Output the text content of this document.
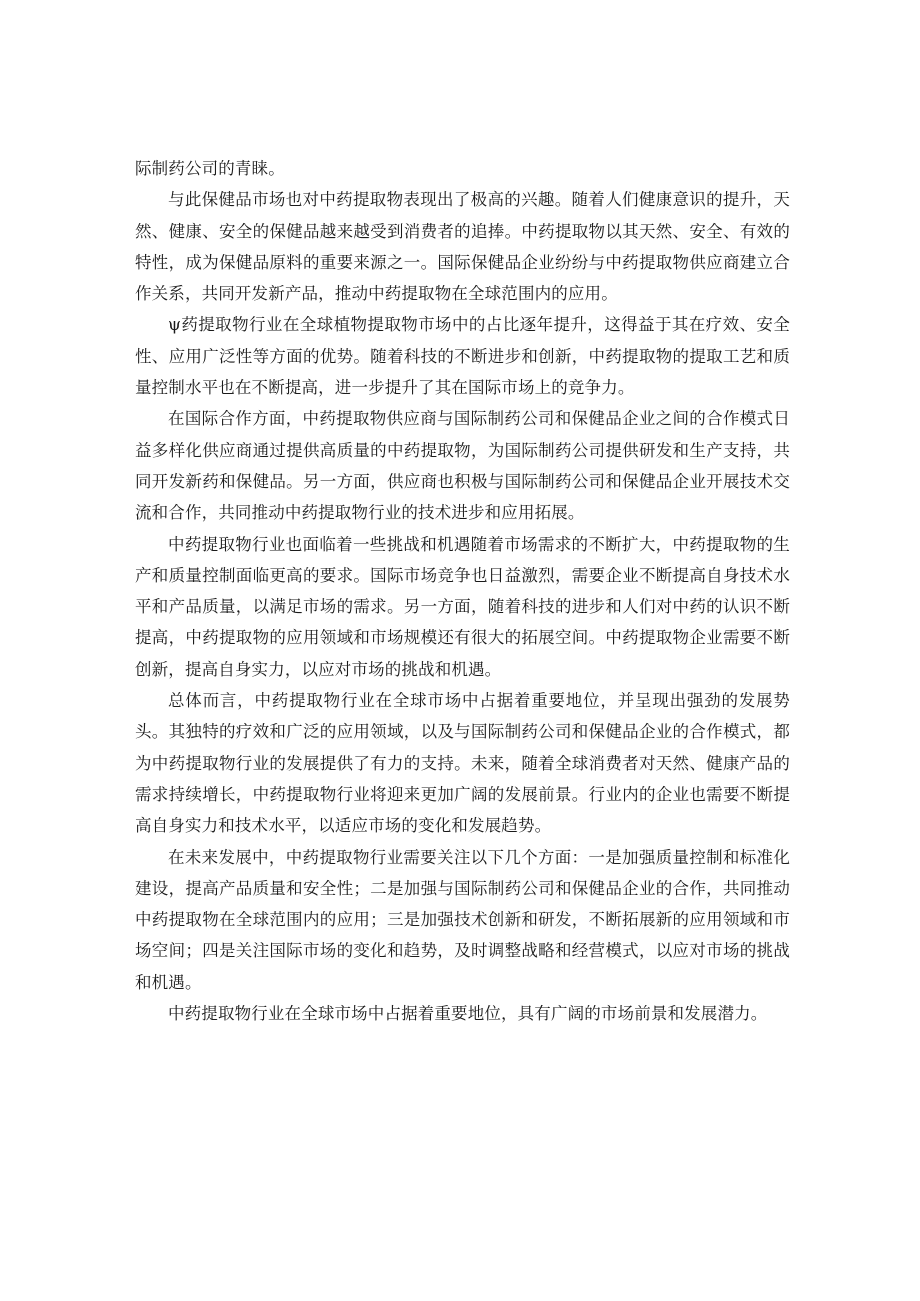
际制药公司的青睐。

与此保健品市场也对中药提取物表现出了极高的兴趣。随着人们健康意识的提升，天然、健康、安全的保健品越来越受到消费者的追捧。中药提取物以其天然、安全、有效的特性，成为保健品原料的重要来源之一。国际保健品企业纷纷与中药提取物供应商建立合作关系，共同开发新产品，推动中药提取物在全球范围内的应用。

ψ药提取物行业在全球植物提取物市场中的占比逐年提升，这得益于其在疗效、安全性、应用广泛性等方面的优势。随着科技的不断进步和创新，中药提取物的提取工艺和质量控制水平也在不断提高，进一步提升了其在国际市场上的竞争力。

在国际合作方面，中药提取物供应商与国际制药公司和保健品企业之间的合作模式日益多样化供应商通过提供高质量的中药提取物，为国际制药公司提供研发和生产支持，共同开发新药和保健品。另一方面，供应商也积极与国际制药公司和保健品企业开展技术交流和合作，共同推动中药提取物行业的技术进步和应用拓展。

中药提取物行业也面临着一些挑战和机遇随着市场需求的不断扩大，中药提取物的生产和质量控制面临更高的要求。国际市场竞争也日益激烈，需要企业不断提高自身技术水平和产品质量，以满足市场的需求。另一方面，随着科技的进步和人们对中药的认识不断提高，中药提取物的应用领域和市场规模还有很大的拓展空间。中药提取物企业需要不断创新，提高自身实力，以应对市场的挑战和机遇。

总体而言，中药提取物行业在全球市场中占据着重要地位，并呈现出强劲的发展势头。其独特的疗效和广泛的应用领域，以及与国际制药公司和保健品企业的合作模式，都为中药提取物行业的发展提供了有力的支持。未来，随着全球消费者对天然、健康产品的需求持续增长，中药提取物行业将迎来更加广阔的发展前景。行业内的企业也需要不断提高自身实力和技术水平，以适应市场的变化和发展趋势。

在未来发展中，中药提取物行业需要关注以下几个方面：一是加强质量控制和标准化建设，提高产品质量和安全性；二是加强与国际制药公司和保健品企业的合作，共同推动中药提取物在全球范围内的应用；三是加强技术创新和研发，不断拓展新的应用领域和市场空间；四是关注国际市场的变化和趋势，及时调整战略和经营模式，以应对市场的挑战和机遇。

中药提取物行业在全球市场中占据着重要地位，具有广阔的市场前景和发展潜力。
